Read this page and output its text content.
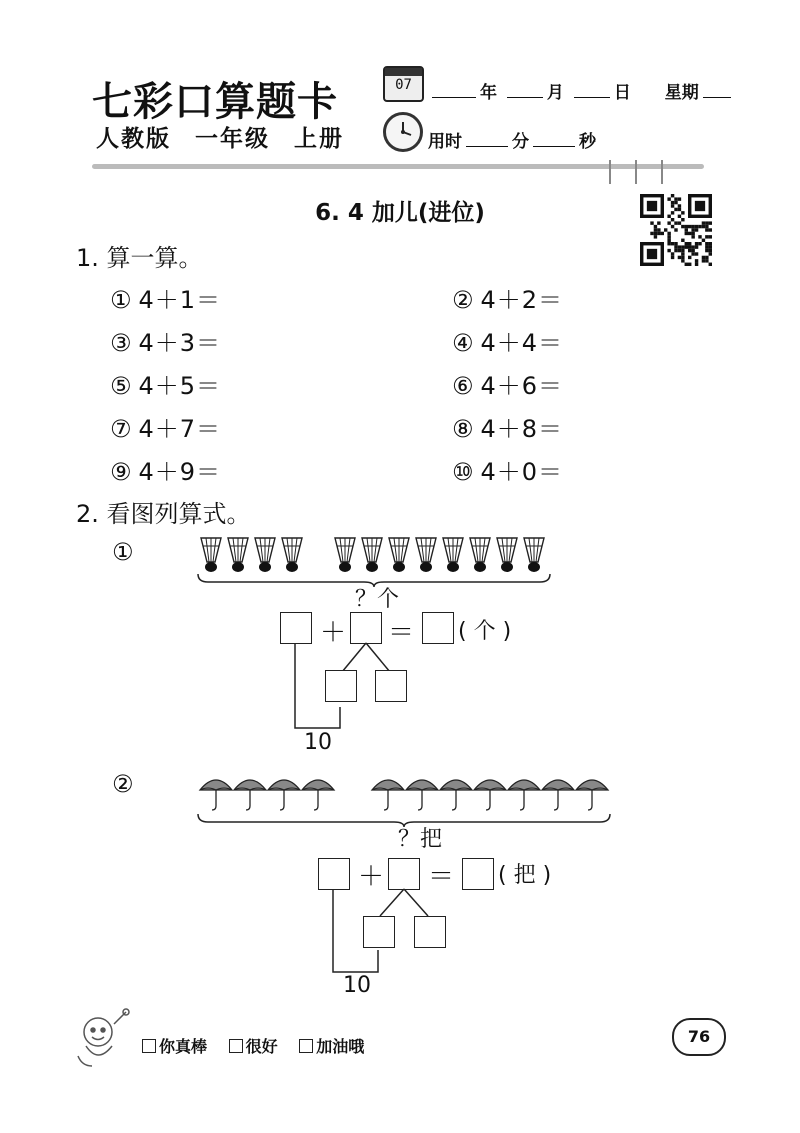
七彩口算题卡
人教版 一年级 上册
07	年	月	日 星期
用时	分	秒
6. 4 加儿(进位)
1. 算一算。
① 4＋1＝	② 4＋2＝
③ 4＋3＝	④ 4＋4＝
⑤ 4＋5＝	⑥ 4＋6＝
⑦ 4＋7＝	⑧ 4＋8＝
⑨ 4＋9＝	⑩ 4＋0＝
2. 看图列算式。
①
？个
＋ ＝ ( 个 )
10
②
？把
＋ ＝ ( 把 )
10
你真棒 很好 加油哦
76
